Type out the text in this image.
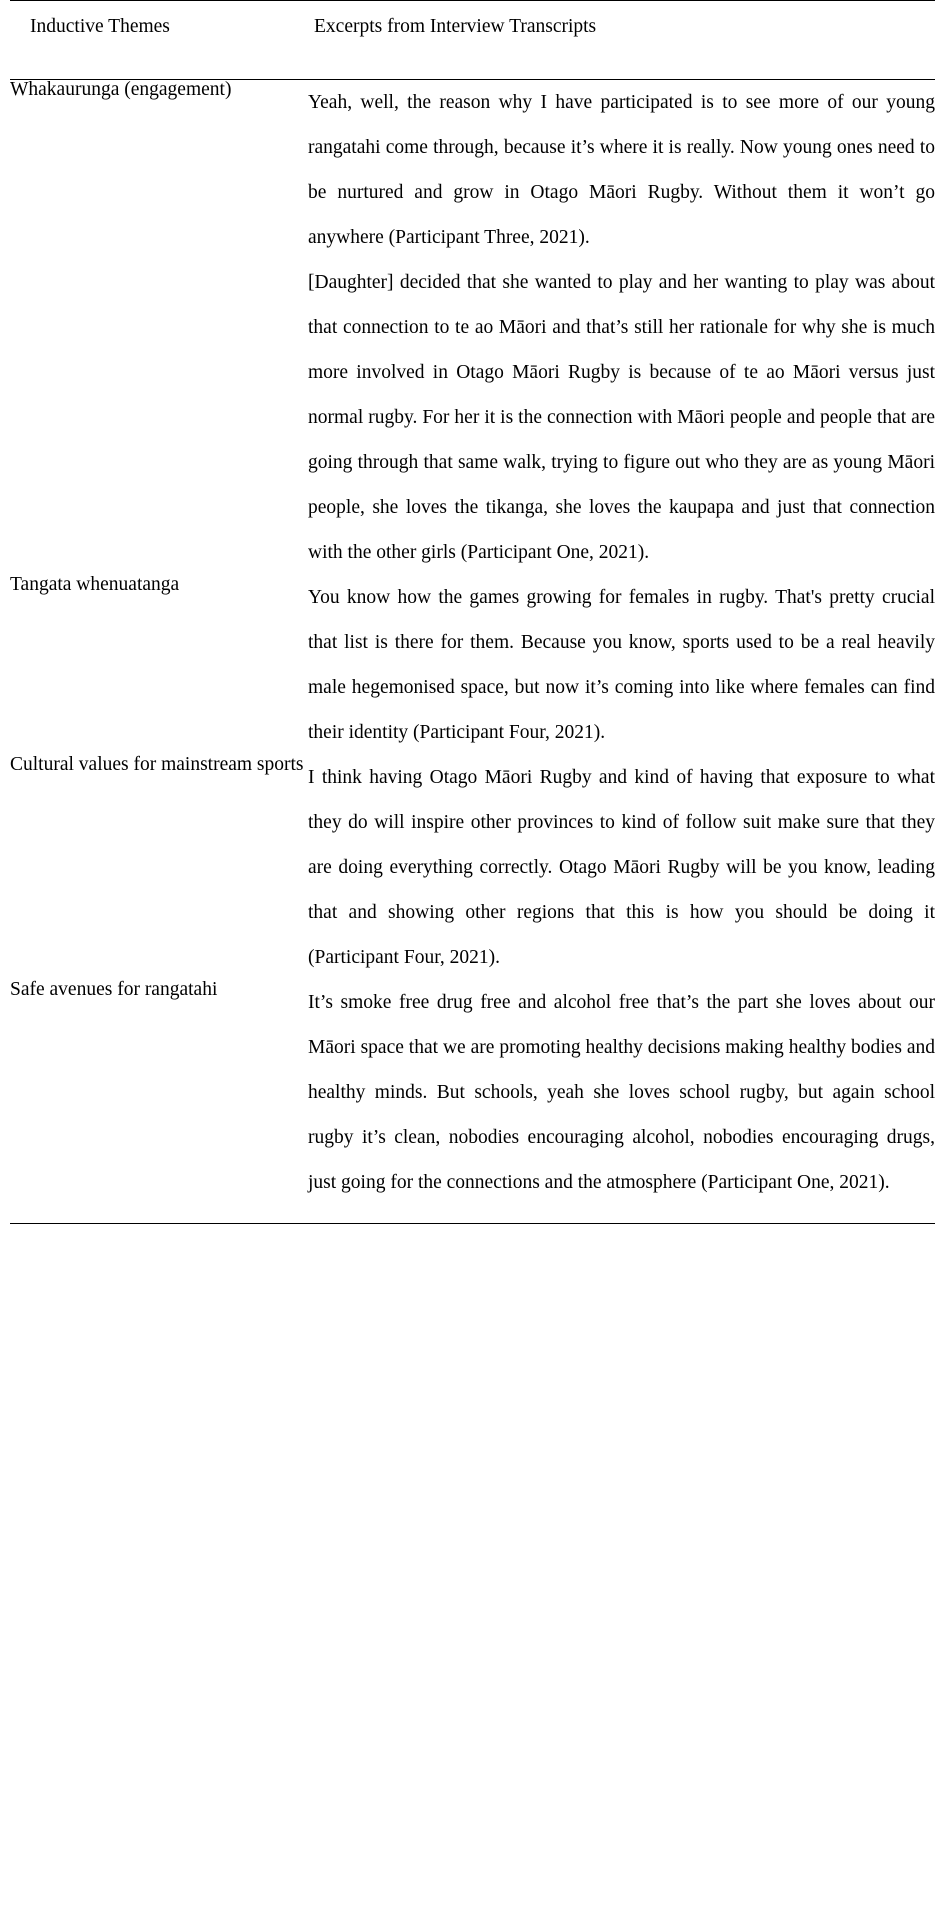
Inductive Themes	Excerpts from Interview Transcripts

Whakaurunga (engagement)	Yeah, well, the reason why I have participated is to see more of our young rangatahi come through, because it’s where it is really. Now young ones need to be nurtured and grow in Otago Māori Rugby. Without them it won’t go anywhere (Participant Three, 2021).

[Daughter] decided that she wanted to play and her wanting to play was about that connection to te ao Māori and that’s still her rationale for why she is much more involved in Otago Māori Rugby is because of te ao Māori versus just normal rugby. For her it is the connection with Māori people and people that are going through that same walk, trying to figure out who they are as young Māori people, she loves the tikanga, she loves the kaupapa and just that connection with the other girls (Participant One, 2021).

Tangata whenuatanga	You know how the games growing for females in rugby. That's pretty crucial that list is there for them. Because you know, sports used to be a real heavily male hegemonised space, but now it’s coming into like where females can find their identity (Participant Four, 2021).

Cultural values for mainstream sports	I think having Otago Māori Rugby and kind of having that exposure to what they do will inspire other provinces to kind of follow suit make sure that they are doing everything correctly. Otago Māori Rugby will be you know, leading that and showing other regions that this is how you should be doing it (Participant Four, 2021).

Safe avenues for rangatahi	It’s smoke free drug free and alcohol free that’s the part she loves about our Māori space that we are promoting healthy decisions making healthy bodies and healthy minds. But schools, yeah she loves school rugby, but again school rugby it’s clean, nobodies encouraging alcohol, nobodies encouraging drugs, just going for the connections and the atmosphere (Participant One, 2021).
